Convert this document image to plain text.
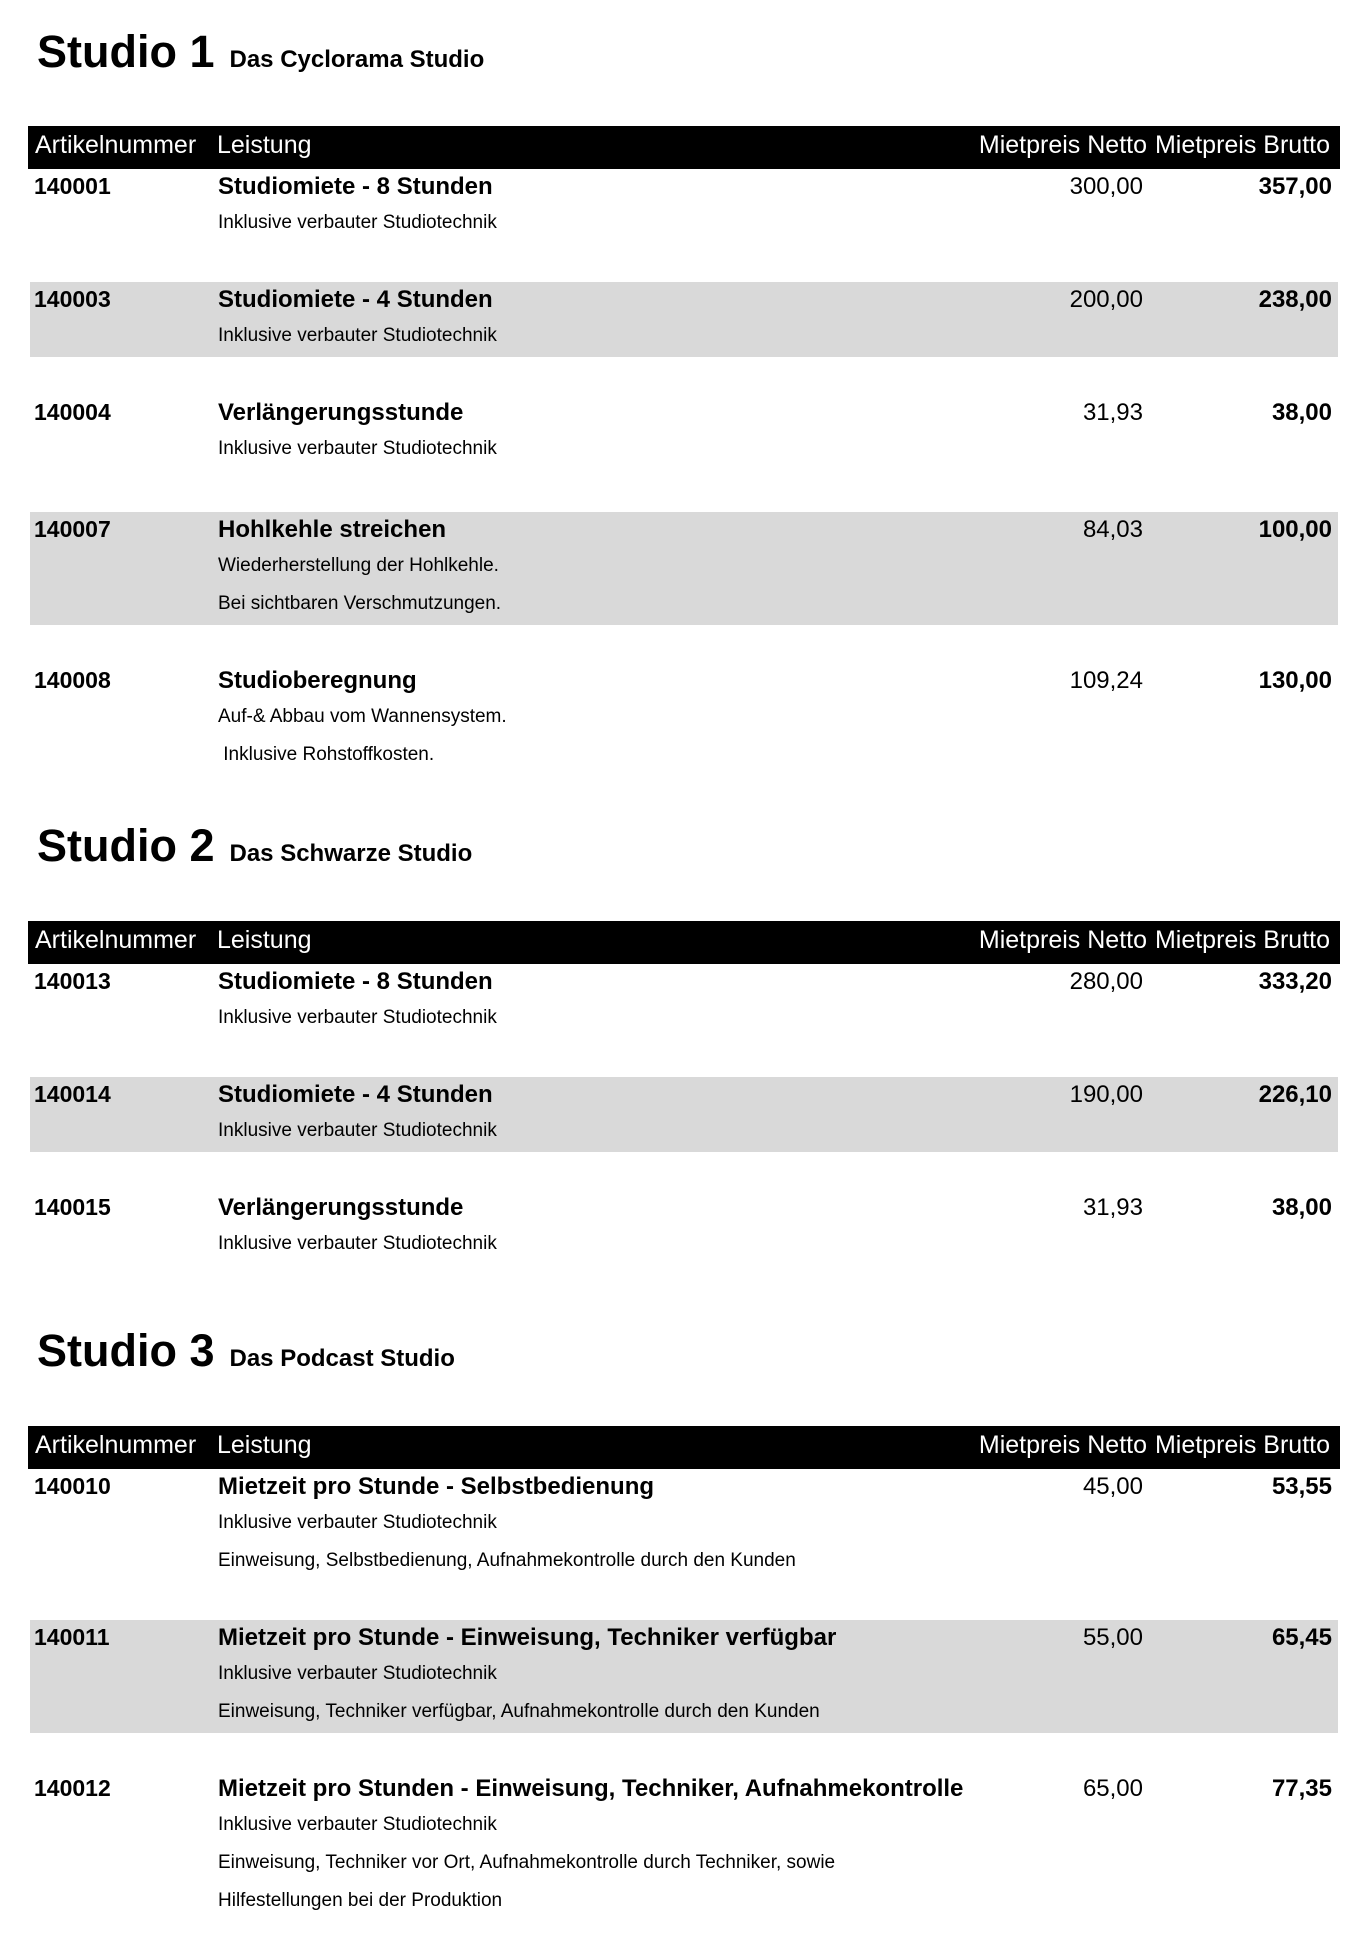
Studio 1 Das Cyclorama Studio
Artikelnummer Leistung	Mietpreis Netto Mietpreis Brutto
140001	Studiomiete - 8 Stunden	300,00	357,00
Inklusive verbauter Studiotechnik
140003	Studiomiete - 4 Stunden	200,00	238,00
Inklusive verbauter Studiotechnik
140004	Verlängerungsstunde	31,93	38,00
Inklusive verbauter Studiotechnik
140007	Hohlkehle streichen	84,03	100,00
Wiederherstellung der Hohlkehle.
Bei sichtbaren Verschmutzungen.
140008	Studioberegnung	109,24	130,00
Auf-& Abbau vom Wannensystem.
Inklusive Rohstoffkosten.
Studio 2 Das Schwarze Studio
Artikelnummer Leistung	Mietpreis Netto Mietpreis Brutto
140013	Studiomiete - 8 Stunden	280,00	333,20
Inklusive verbauter Studiotechnik
140014	Studiomiete - 4 Stunden	190,00	226,10
Inklusive verbauter Studiotechnik
140015	Verlängerungsstunde	31,93	38,00
Inklusive verbauter Studiotechnik
Studio 3 Das Podcast Studio
Artikelnummer Leistung	Mietpreis Netto Mietpreis Brutto
140010	Mietzeit pro Stunde - Selbstbedienung	45,00	53,55
Inklusive verbauter Studiotechnik
Einweisung, Selbstbedienung, Aufnahmekontrolle durch den Kunden
140011	Mietzeit pro Stunde - Einweisung, Techniker verfügbar	55,00	65,45
Inklusive verbauter Studiotechnik
Einweisung, Techniker verfügbar, Aufnahmekontrolle durch den Kunden
140012	Mietzeit pro Stunden - Einweisung, Techniker, Aufnahmekontrolle	65,00	77,35
Inklusive verbauter Studiotechnik
Einweisung, Techniker vor Ort, Aufnahmekontrolle durch Techniker, sowie
Hilfestellungen bei der Produktion
